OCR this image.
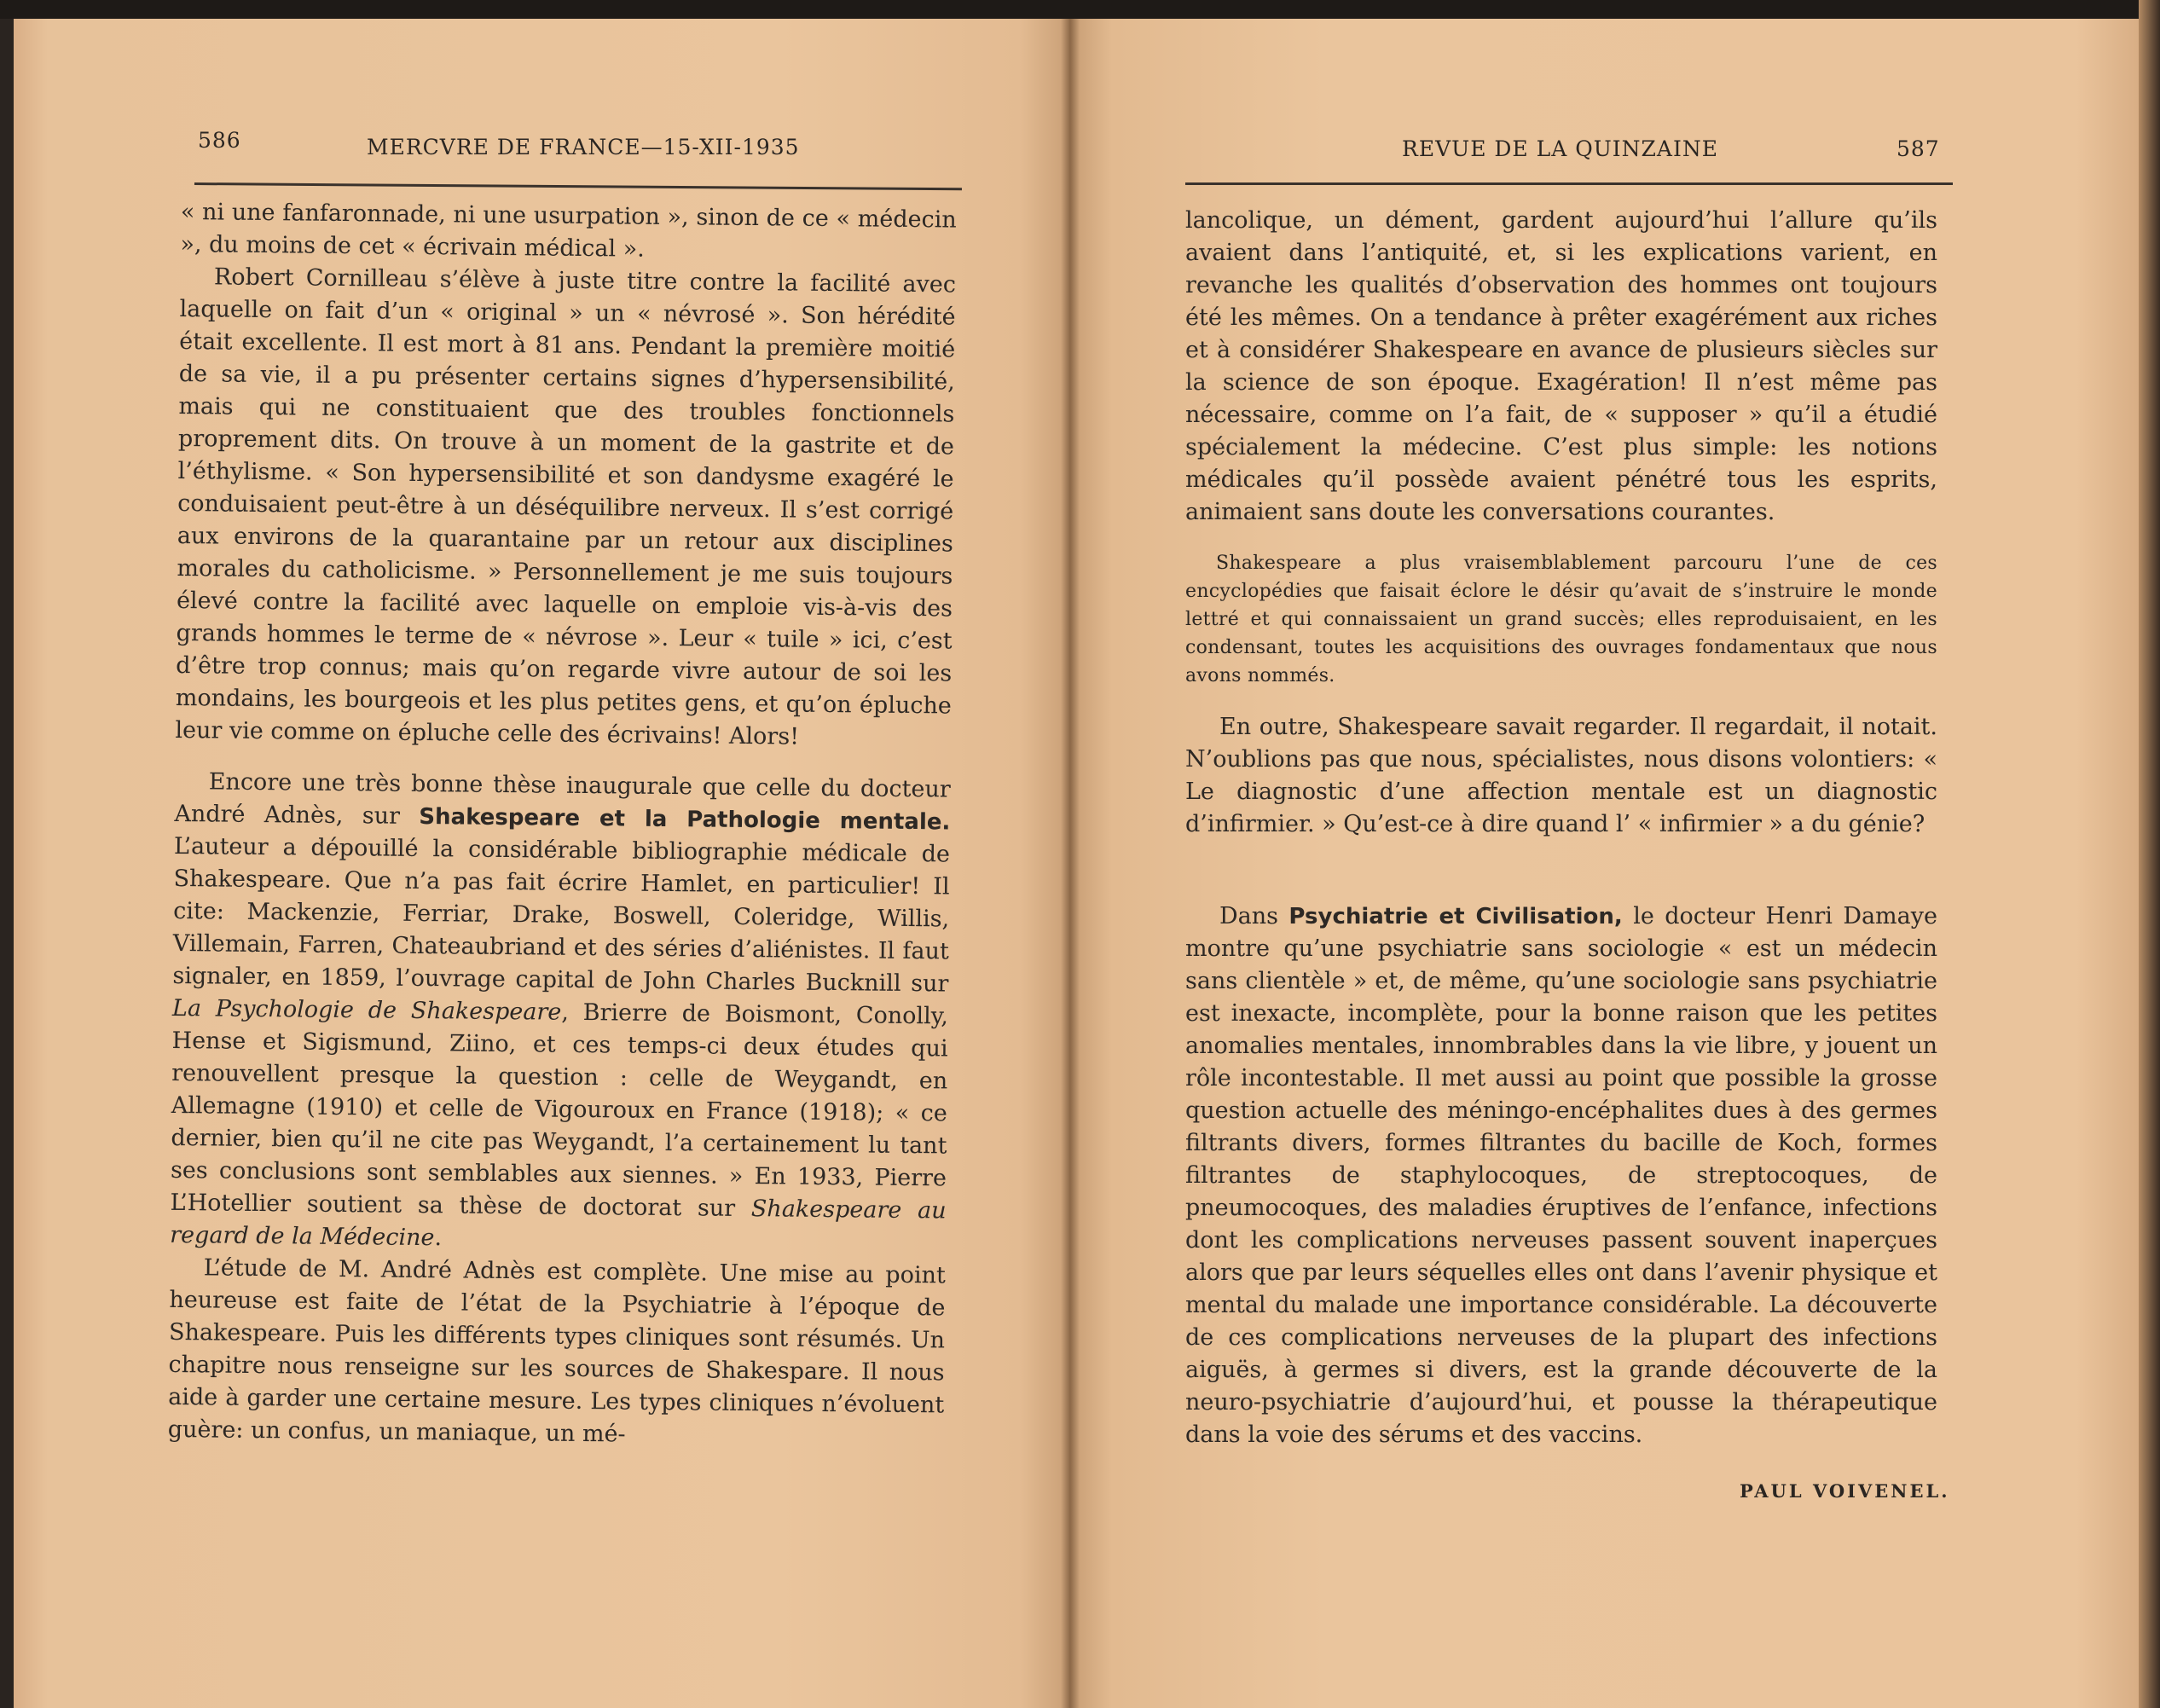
586	MERCVRE DE FRANCE—15-XII-1935

« ni une fanfaronnade, ni une usurpation », sinon de ce « médecin », du moins de cet « écrivain médical ».

Robert Cornilleau s’élève à juste titre contre la facilité avec laquelle on fait d’un « original » un « névrosé ». Son hérédité était excellente. Il est mort à 81 ans. Pendant la première moitié de sa vie, il a pu présenter certains signes d’hypersensibilité, mais qui ne constituaient que des troubles fonctionnels proprement dits. On trouve à un moment de la gastrite et de l’éthylisme. « Son hypersensibilité et son dandysme exagéré le conduisaient peut-être à un déséquilibre nerveux. Il s’est corrigé aux environs de la quarantaine par un retour aux disciplines morales du catholicisme. » Personnellement je me suis toujours élevé contre la facilité avec laquelle on emploie vis-à-vis des grands hommes le terme de « névrose ». Leur « tuile » ici, c’est d’être trop connus; mais qu’on regarde vivre autour de soi les mondains, les bourgeois et les plus petites gens, et qu’on épluche leur vie comme on épluche celle des écrivains! Alors!

Encore une très bonne thèse inaugurale que celle du docteur André Adnès, sur Shakespeare et la Pathologie mentale. L’auteur a dépouillé la considérable bibliographie médicale de Shakespeare. Que n’a pas fait écrire Hamlet, en particulier! Il cite: Mackenzie, Ferriar, Drake, Boswell, Coleridge, Willis, Villemain, Farren, Chateaubriand et des séries d’aliénistes. Il faut signaler, en 1859, l’ouvrage capital de John Charles Bucknill sur La Psychologie de Shakespeare, Brierre de Boismont, Conolly, Hense et Sigismund, Ziino, et ces temps-ci deux études qui renouvellent presque la question : celle de Weygandt, en Allemagne (1910) et celle de Vigouroux en France (1918); « ce dernier, bien qu’il ne cite pas Weygandt, l’a certainement lu tant ses conclusions sont semblables aux siennes. » En 1933, Pierre L’Hotellier soutient sa thèse de doctorat sur Shakespeare au regard de la Médecine.

L’étude de M. André Adnès est complète. Une mise au point heureuse est faite de l’état de la Psychiatrie à l’époque de Shakespeare. Puis les différents types cliniques sont résumés. Un chapitre nous renseigne sur les sources de Shakespare. Il nous aide à garder une certaine mesure. Les types cliniques n’évoluent guère: un confus, un maniaque, un mé-

REVUE DE LA QUINZAINE	587

lancolique, un dément, gardent aujourd’hui l’allure qu’ils avaient dans l’antiquité, et, si les explications varient, en revanche les qualités d’observation des hommes ont toujours été les mêmes. On a tendance à prêter exagérément aux riches et à considérer Shakespeare en avance de plusieurs siècles sur la science de son époque. Exagération! Il n’est même pas nécessaire, comme on l’a fait, de « supposer » qu’il a étudié spécialement la médecine. C’est plus simple: les notions médicales qu’il possède avaient pénétré tous les esprits, animaient sans doute les conversations courantes.

Shakespeare a plus vraisemblablement parcouru l’une de ces encyclopédies que faisait éclore le désir qu’avait de s’instruire le monde lettré et qui connaissaient un grand succès; elles reproduisaient, en les condensant, toutes les acquisitions des ouvrages fondamentaux que nous avons nommés.

En outre, Shakespeare savait regarder. Il regardait, il notait. N’oublions pas que nous, spécialistes, nous disons volontiers: « Le diagnostic d’une affection mentale est un diagnostic d’infirmier. » Qu’est-ce à dire quand l’ « infirmier » a du génie?

Dans Psychiatrie et Civilisation, le docteur Henri Damaye montre qu’une psychiatrie sans sociologie « est un médecin sans clientèle » et, de même, qu’une sociologie sans psychiatrie est inexacte, incomplète, pour la bonne raison que les petites anomalies mentales, innombrables dans la vie libre, y jouent un rôle incontestable. Il met aussi au point que possible la grosse question actuelle des méningo-encéphalites dues à des germes filtrants divers, formes filtrantes du bacille de Koch, formes filtrantes de staphylocoques, de streptocoques, de pneumocoques, des maladies éruptives de l’enfance, infections dont les complications nerveuses passent souvent inaperçues alors que par leurs séquelles elles ont dans l’avenir physique et mental du malade une importance considérable. La découverte de ces complications nerveuses de la plupart des infections aiguës, à germes si divers, est la grande découverte de la neuro-psychiatrie d’aujourd’hui, et pousse la thérapeutique dans la voie des sérums et des vaccins.

PAUL VOIVENEL.
